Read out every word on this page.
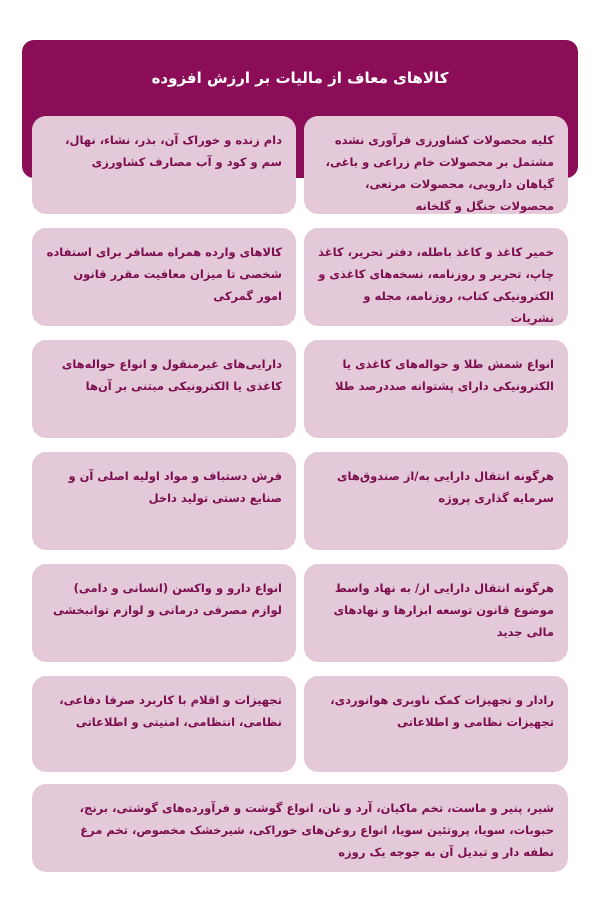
کالاهای معاف از مالیات بر ارزش افزوده
کلیه محصولات کشاورزی فرآوری نشده مشتمل بر محصولات خام زراعی و باغی، گیاهان دارویی، محصولات مرتعی، محصولات جنگل و گلخانه
دام زنده و خوراک آن، بذر، نشاء، نهال، سم و کود و آب مصارف کشاورزی
خمیر کاغذ و کاغذ باطله، دفتر تحریر، کاغذ چاپ، تحریر و روزنامه، نسخه‌های کاغذی و الکترونیکی کتاب، روزنامه، مجله و نشریات
کالاهای وارده همراه مسافر برای استفاده شخصی تا میزان معافیت مقرر قانون امور گمرکی
انواع شمش طلا و حواله‌های کاغذی یا الکترونیکی دارای پشتوانه صددرصد طلا
دارایی‌های غیرمنقول و انواع حواله‌های کاغذی یا الکترونیکی مبتنی بر آن‌ها
هرگونه انتقال دارایی به/از صندوق‌های سرمایه گذاری پروژه
فرش دستباف و مواد اولیه اصلی آن و صنایع دستی تولید داخل
هرگونه انتقال دارایی از/ به نهاد واسط موضوع قانون توسعه ابزارها و نهادهای مالی جدید
انواع دارو و واکسن (انسانی و دامی) لوازم مصرفی درمانی و لوازم توانبخشی
رادار و تجهیزات کمک ناوبری هوانوردی، تجهیزات نظامی و اطلاعاتی
تجهیزات و اقلام با کاربرد صرفا دفاعی، نظامی، انتظامی، امنیتی و اطلاعاتی
شیر، پنیر و ماست، تخم ماکیان، آرد و نان، انواع گوشت و فرآورده‌های گوشتی، برنج، حبوبات، سویا، پروتئین سویا، انواع روغن‌های خوراکی، شیرخشک مخصوص، تخم مرغ نطفه دار و تبدیل آن به جوجه یک روزه
